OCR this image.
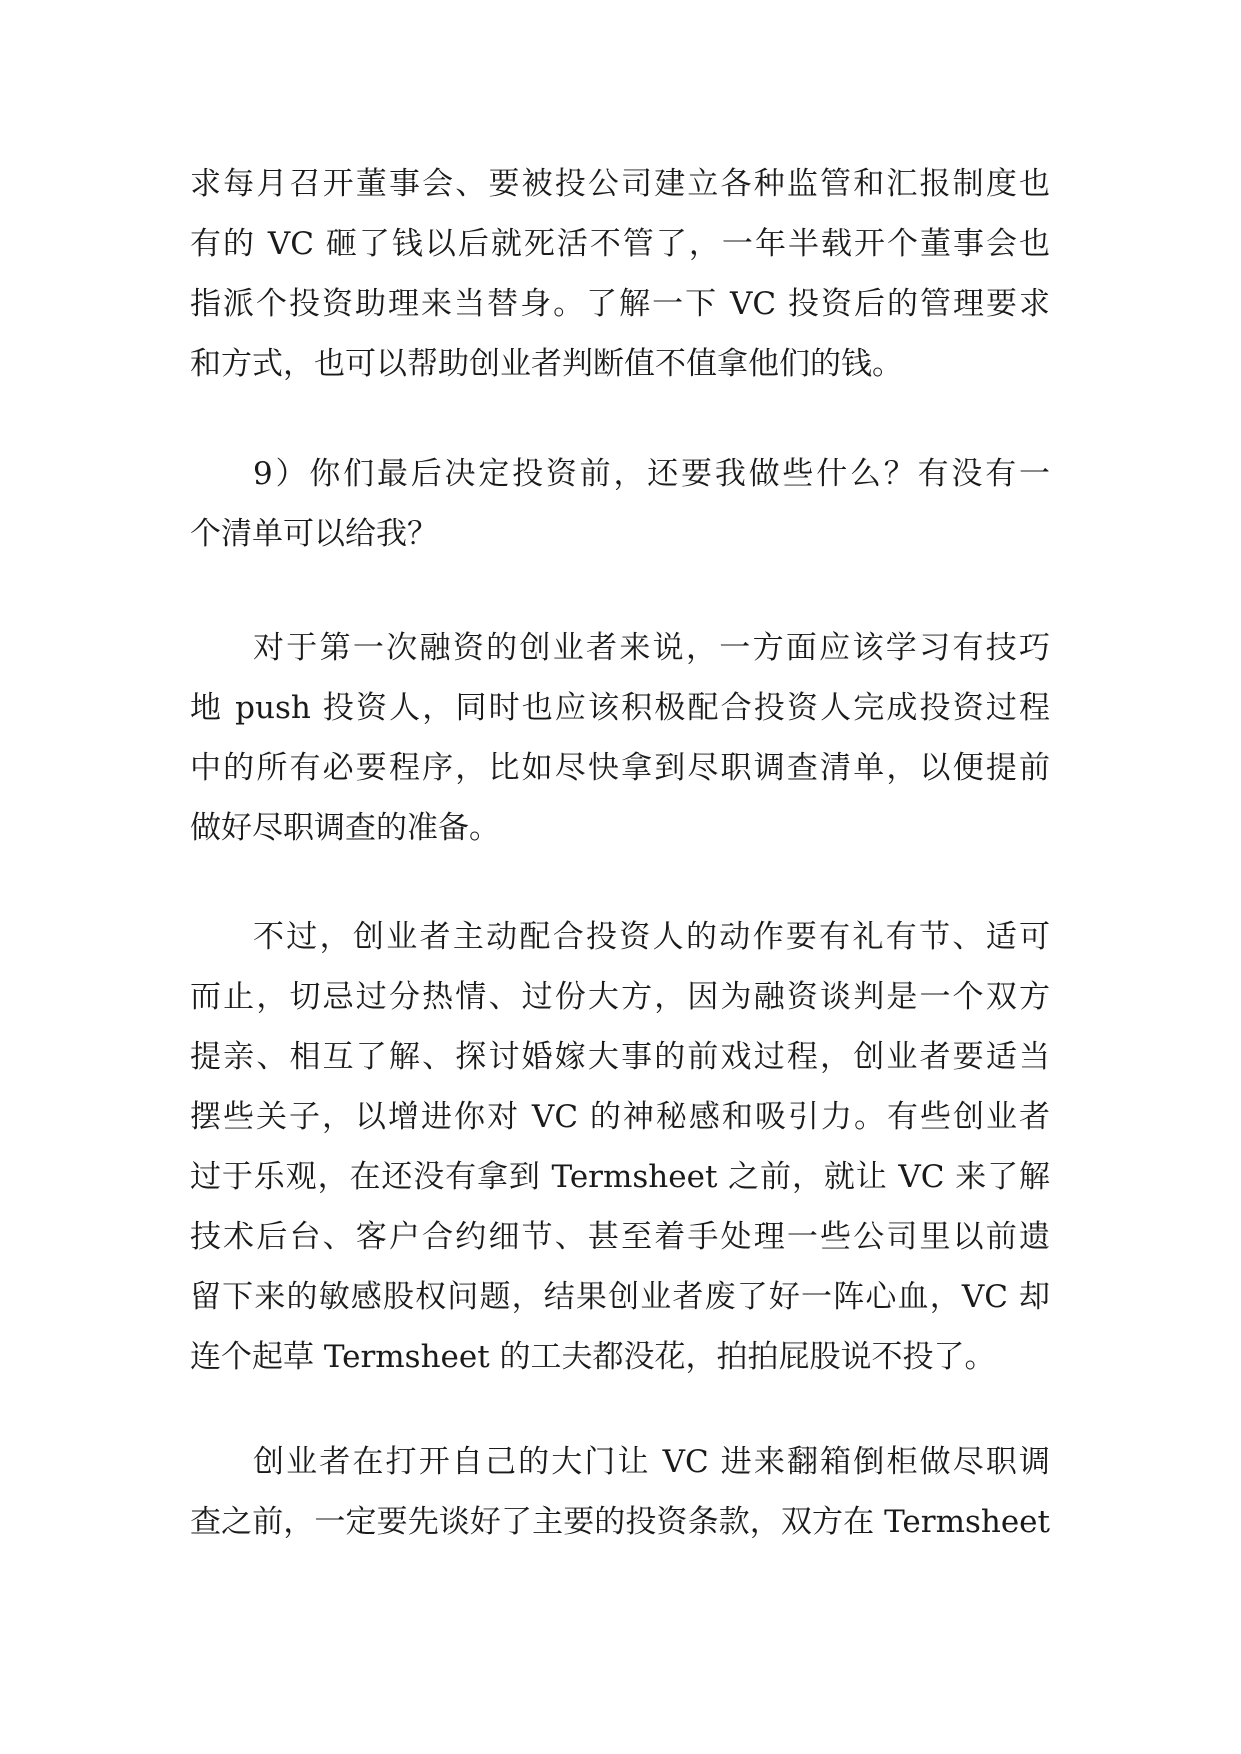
求每月召开董事会、要被投公司建立各种监管和汇报制度也
有的 VC 砸了钱以后就死活不管了，一年半载开个董事会也
指派个投资助理来当替身。了解一下 VC 投资后的管理要求
和方式，也可以帮助创业者判断值不值拿他们的钱。
9）你们最后决定投资前，还要我做些什么？有没有一
个清单可以给我？
对于第一次融资的创业者来说，一方面应该学习有技巧
地 push 投资人，同时也应该积极配合投资人完成投资过程
中的所有必要程序，比如尽快拿到尽职调查清单，以便提前
做好尽职调查的准备。
不过，创业者主动配合投资人的动作要有礼有节、适可
而止，切忌过分热情、过份大方，因为融资谈判是一个双方
提亲、相互了解、探讨婚嫁大事的前戏过程，创业者要适当
摆些关子，以增进你对 VC 的神秘感和吸引力。有些创业者
过于乐观，在还没有拿到 Termsheet 之前，就让 VC 来了解
技术后台、客户合约细节、甚至着手处理一些公司里以前遗
留下来的敏感股权问题，结果创业者废了好一阵心血，VC 却
连个起草 Termsheet 的工夫都没花，拍拍屁股说不投了。
创业者在打开自己的大门让 VC 进来翻箱倒柜做尽职调
查之前，一定要先谈好了主要的投资条款，双方在 Termsheet
